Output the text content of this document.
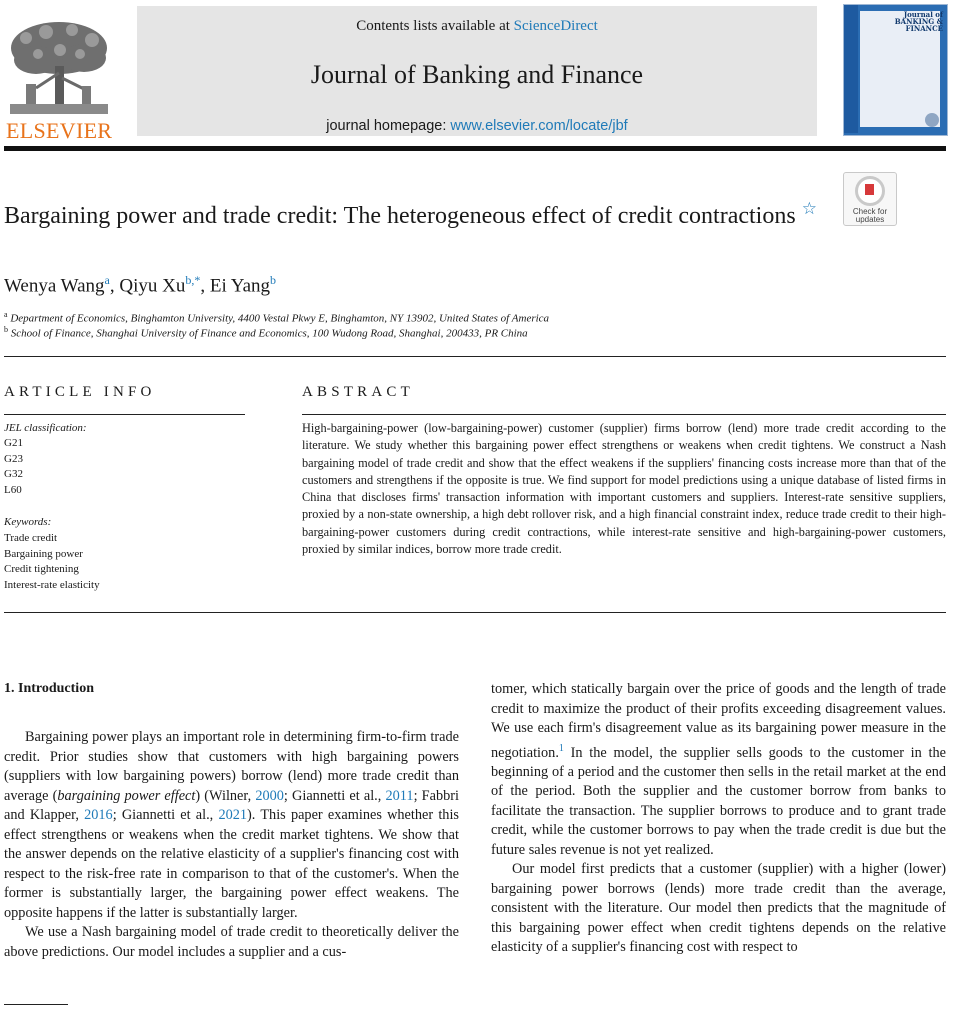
ELSEVIER
Contents lists available at ScienceDirect
Journal of Banking and Finance
journal homepage: www.elsevier.com/locate/jbf
Journal of BANKING & FINANCE
Check for updates
Bargaining power and trade credit: The heterogeneous effect of credit contractions ☆
Wenya Wang$^a$, Qiyu $Xu^{b,*}$, Ei Yang$^b$
$^a$ Department of Economics, Binghamton University, 4400 Vestal Pkwy E, Binghamton, NY 13902, United States of America
$^b$ School of Finance, Shanghai University of Finance and Economics, 100 Wudong Road, Shanghai, 200433, PR China
ARTICLE INFO
JEL classification:
G21
G23
G32
L60
Keywords:
Trade credit
Bargaining power
Credit tightening
Interest-rate elasticity
ABSTRACT
High-bargaining-power (low-bargaining-power) customer (supplier) firms borrow (lend) more trade credit according to the literature. We study whether this bargaining power effect strengthens or weakens when credit tightens. We construct a Nash bargaining model of trade credit and show that the effect weakens if the suppliers' financing costs increase more than that of the customers and strengthens if the opposite is true. We find support for model predictions using a unique database of listed firms in China that discloses firms' transaction information with important customers and suppliers. Interest-rate sensitive suppliers, proxied by a non-state ownership, a high debt rollover risk, and a high financial constraint index, reduce trade credit to their high-bargaining-power customers during credit contractions, while interest-rate sensitive and high-bargaining-power customers, proxied by similar indices, borrow more trade credit.
1. Introduction

Bargaining power plays an important role in determining firm-to-firm trade credit. Prior studies show that customers with high bargaining powers (suppliers with low bargaining powers) borrow (lend) more trade credit than average (bargaining power effect) (Wilner, 2000; Giannetti et al., 2011; Fabbri and Klapper, 2016; Giannetti et al., 2021). This paper examines whether this effect strengthens or weakens when the credit market tightens. We show that the answer depends on the relative elasticity of a supplier's financing cost with respect to the risk-free rate in comparison to that of the customer's. When the former is substantially larger, the bargaining power effect weakens. The opposite happens if the latter is substantially larger.

We use a Nash bargaining model of trade credit to theoretically deliver the above predictions. Our model includes a supplier and a cus-

tomer, which statically bargain over the price of goods and the length of trade credit to maximize the product of their profits exceeding disagreement values. We use each firm's disagreement value as its bargaining power measure in the negotiation.$^1$ In the model, the supplier sells goods to the customer in the beginning of a period and the customer then sells in the retail market at the end of the period. Both the supplier and the customer borrow from banks to facilitate the transaction. The supplier borrows to produce and to grant trade credit, while the customer borrows to pay when the trade credit is due but the future sales revenue is not yet realized.

Our model first predicts that a customer (supplier) with a higher (lower) bargaining power borrows (lends) more trade credit than the average, consistent with the literature. Our model then predicts that the magnitude of this bargaining power effect when credit tightens depends on the relative elasticity of a supplier's financing cost with respect to
